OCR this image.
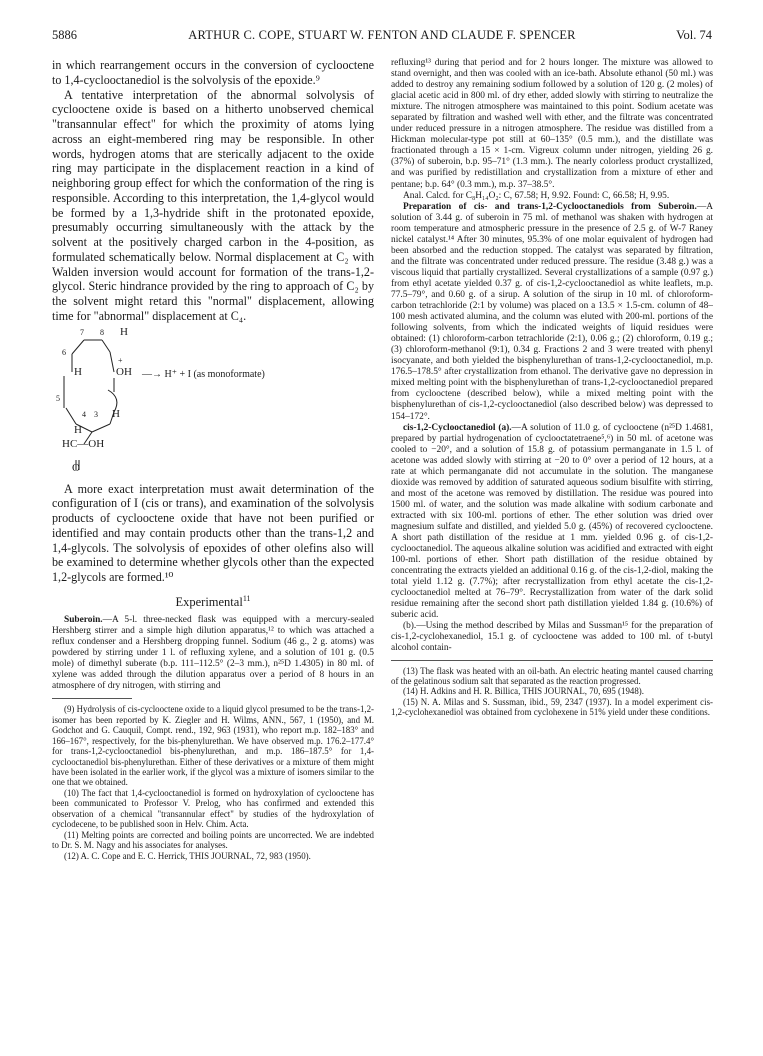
5886	ARTHUR C. COPE, STUART W. FENTON AND CLAUDE F. SPENCER	Vol. 74

in which rearrangement occurs in the conversion of cyclooctene to 1,4-cyclooctanediol is the solvolysis of the epoxide.⁹

A tentative interpretation of the abnormal solvolysis of cyclooctene oxide is based on a hitherto unobserved chemical "transannular effect" for which the proximity of atoms lying across an eight-membered ring may be responsible. In other words, hydrogen atoms that are sterically adjacent to the oxide ring may participate in the displacement reaction in a kind of neighboring group effect for which the conformation of the ring is responsible. According to this interpretation, the 1,4-glycol would be formed by a 1,3-hydride shift in the protonated epoxide, presumably occurring simultaneously with the attack by the solvent at the positively charged carbon in the 4-position, as formulated schematically below. Normal displacement at C₂ with Walden inversion would account for formation of the trans-1,2-glycol. Steric hindrance provided by the ring to approach of C₂ by the solvent might retard this "normal" displacement, allowing time for "abnormal" displacement at C₄.

7 8 H
6
+
H	OH —→ H⁺ + I (as monoformate)
5
4 3 H
H
HC—OH
O

A more exact interpretation must await determination of the configuration of I (cis or trans), and examination of the solvolysis products of cyclooctene oxide that have not been purified or identified and may contain products other than the trans-1,2 and 1,4-glycols. The solvolysis of epoxides of other olefins also will be examined to determine whether glycols other than the expected 1,2-glycols are formed.¹⁰

Experimental$^{11}$

Suberoin.—A 5-l. three-necked flask was equipped with a mercury-sealed Hershberg stirrer and a simple high dilution apparatus,¹² to which was attached a reflux condenser and a Hershberg dropping funnel. Sodium (46 g., 2 g. atoms) was powdered by stirring under 1 l. of refluxing xylene, and a solution of 101 g. (0.5 mole) of dimethyl suberate (b.p. 111–112.5° (2–3 mm.), n²⁵D 1.4305) in 80 ml. of xylene was added through the dilution apparatus over a period of 8 hours in an atmosphere of dry nitrogen, with stirring and

(9) Hydrolysis of cis-cyclooctene oxide to a liquid glycol presumed to be the trans-1,2-isomer has been reported by K. Ziegler and H. Wilms, ANN., 567, 1 (1950), and M. Godchot and G. Cauquil, Compt. rend., 192, 963 (1931), who report m.p. 182–183° and 166–167°, respectively, for the bis-phenylurethan. We have observed m.p. 176.2–177.4° for trans-1,2-cyclooctanediol bis-phenylurethan, and m.p. 186–187.5° for 1,4-cyclooctanediol bis-phenylurethan. Either of these derivatives or a mixture of them might have been isolated in the earlier work, if the glycol was a mixture of isomers similar to the one that we obtained.

(10) The fact that 1,4-cyclooctanediol is formed on hydroxylation of cyclooctene has been communicated to Professor V. Prelog, who has confirmed and extended this observation of a chemical "transannular effect" by studies of the hydroxylation of cyclodecene, to be published soon in Helv. Chim. Acta.

(11) Melting points are corrected and boiling points are uncorrected. We are indebted to Dr. S. M. Nagy and his associates for analyses.

(12) A. C. Cope and E. C. Herrick, THIS JOURNAL, 72, 983 (1950).

refluxing¹³ during that period and for 2 hours longer. The mixture was allowed to stand overnight, and then was cooled with an ice-bath. Absolute ethanol (50 ml.) was added to destroy any remaining sodium followed by a solution of 120 g. (2 moles) of glacial acetic acid in 800 ml. of dry ether, added slowly with stirring to neutralize the mixture. The nitrogen atmosphere was maintained to this point. Sodium acetate was separated by filtration and washed well with ether, and the filtrate was concentrated under reduced pressure in a nitrogen atmosphere. The residue was distilled from a Hickman molecular-type pot still at 60–135° (0.5 mm.), and the distillate was fractionated through a 15 × 1-cm. Vigreux column under nitrogen, yielding 26 g. (37%) of suberoin, b.p. 95–71° (1.3 mm.). The nearly colorless product crystallized, and was purified by redistillation and crystallization from a mixture of ether and pentane; b.p. 64° (0.3 mm.), m.p. 37–38.5°.

Anal. Calcd. for C₈H₁₄O₂: C, 67.58; H, 9.92. Found: C, 66.58; H, 9.95.

Preparation of cis- and trans-1,2-Cyclooctanediols from Suberoin.—A solution of 3.44 g. of suberoin in 75 ml. of methanol was shaken with hydrogen at room temperature and atmospheric pressure in the presence of 2.5 g. of W-7 Raney nickel catalyst.¹⁴ After 30 minutes, 95.3% of one molar equivalent of hydrogen had been absorbed and the reduction stopped. The catalyst was separated by filtration, and the filtrate was concentrated under reduced pressure. The residue (3.48 g.) was a viscous liquid that partially crystallized. Several crystallizations of a sample (0.97 g.) from ethyl acetate yielded 0.37 g. of cis-1,2-cyclooctanediol as white leaflets, m.p. 77.5–79°, and 0.60 g. of a sirup. A solution of the sirup in 10 ml. of chloroform-carbon tetrachloride (2:1 by volume) was placed on a 13.5 × 1.5-cm. column of 48–100 mesh activated alumina, and the column was eluted with 200-ml. portions of the following solvents, from which the indicated weights of liquid residues were obtained: (1) chloroform-carbon tetrachloride (2:1), 0.06 g.; (2) chloroform, 0.19 g.; (3) chloroform-methanol (9:1), 0.34 g. Fractions 2 and 3 were treated with phenyl isocyanate, and both yielded the bisphenylurethan of trans-1,2-cyclooctanediol, m.p. 176.5–178.5° after crystallization from ethanol. The derivative gave no depression in mixed melting point with the bisphenylurethan of trans-1,2-cyclooctanediol prepared from cyclooctene (described below), while a mixed melting point with the bisphenylurethan of cis-1,2-cyclooctanediol (also described below) was depressed to 154–172°.

cis-1,2-Cyclooctanediol (a).—A solution of 11.0 g. of cyclooctene (n²⁵D 1.4681, prepared by partial hydrogenation of cyclooctatetraene⁵,⁶) in 50 ml. of acetone was cooled to −20°, and a solution of 15.8 g. of potassium permanganate in 1.5 l. of acetone was added slowly with stirring at −20 to 0° over a period of 12 hours, at a rate at which permanganate did not accumulate in the solution. The manganese dioxide was removed by addition of saturated aqueous sodium bisulfite with stirring, and most of the acetone was removed by distillation. The residue was poured into 1500 ml. of water, and the solution was made alkaline with sodium carbonate and extracted with six 100-ml. portions of ether. The ether solution was dried over magnesium sulfate and distilled, and yielded 5.0 g. (45%) of recovered cyclooctene. A short path distillation of the residue at 1 mm. yielded 0.96 g. of cis-1,2-cyclooctanediol. The aqueous alkaline solution was acidified and extracted with eight 100-ml. portions of ether. Short path distillation of the residue obtained by concentrating the extracts yielded an additional 0.16 g. of the cis-1,2-diol, making the total yield 1.12 g. (7.7%); after recrystallization from ethyl acetate the cis-1,2-cyclooctanediol melted at 76–79°. Recrystallization from water of the dark solid residue remaining after the second short path distillation yielded 1.84 g. (10.6%) of suberic acid.

(b).—Using the method described by Milas and Sussman¹⁵ for the preparation of cis-1,2-cyclohexanediol, 15.1 g. of cyclooctene was added to 100 ml. of t-butyl alcohol contain-

(13) The flask was heated with an oil-bath. An electric heating mantel caused charring of the gelatinous sodium salt that separated as the reaction progressed.

(14) H. Adkins and H. R. Billica, THIS JOURNAL, 70, 695 (1948).

(15) N. A. Milas and S. Sussman, ibid., 59, 2347 (1937). In a model experiment cis-1,2-cyclohexanediol was obtained from cyclohexene in 51% yield under these conditions.
